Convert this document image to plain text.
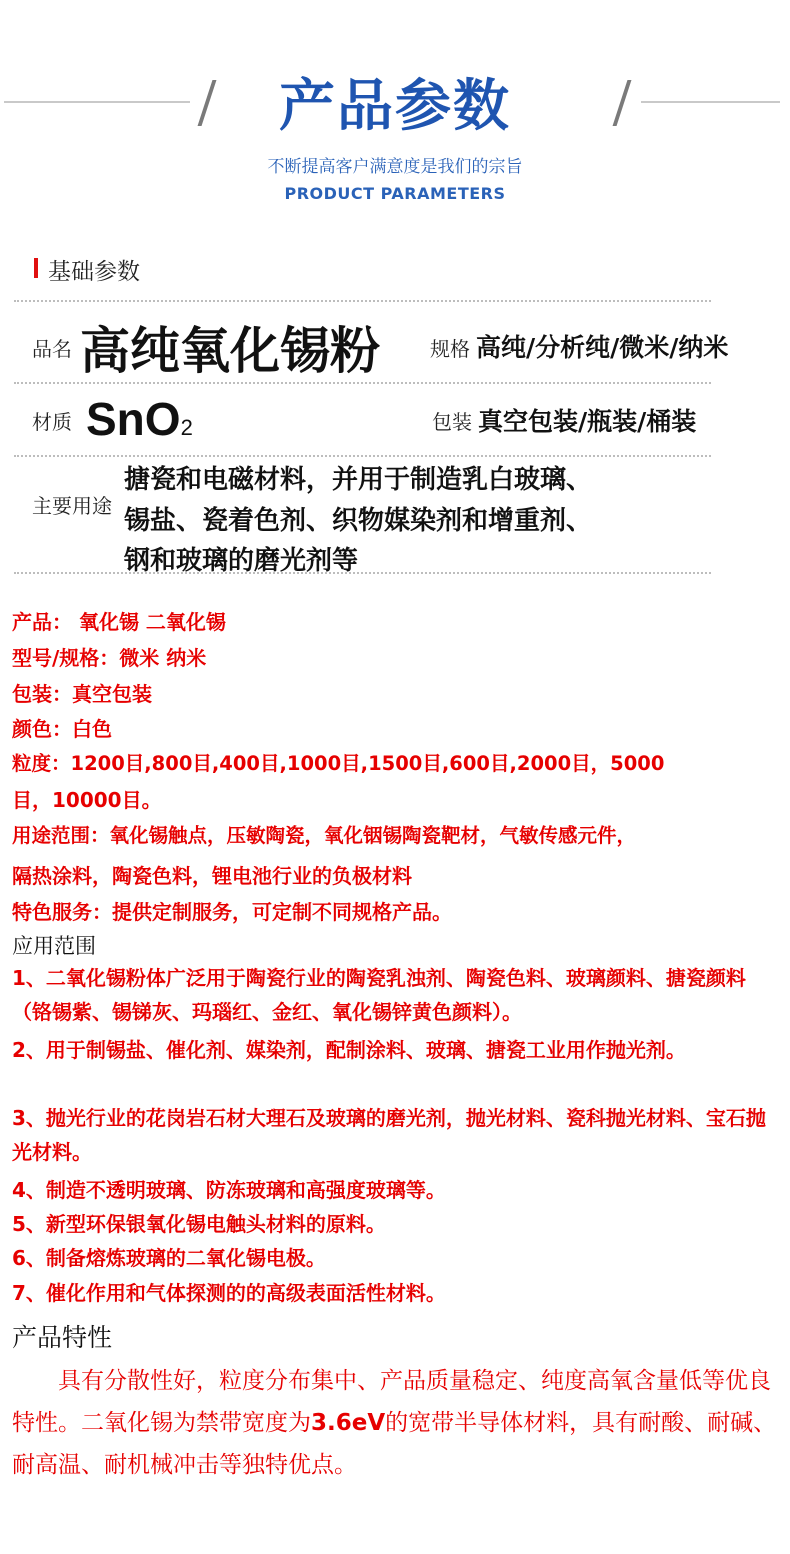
产品参数
不断提高客户满意度是我们的宗旨
PRODUCT PARAMETERS
基础参数
品名 高纯氧化锡粉	规格 高纯/分析纯/微米/纳米
材质 SnO2	包装 真空包装/瓶装/桶装
主要用途
搪瓷和电磁材料，并用于制造乳白玻璃、
锡盐、瓷着色剂、织物媒染剂和增重剂、
钢和玻璃的磨光剂等
产品： 氧化锡 二氧化锡
型号/规格：微米 纳米
包装：真空包装
颜色：白色
粒度：1200目,800目,400目,1000目,1500目,600目,2000目，5000
目，10000目。
用途范围：氧化锡触点，压敏陶瓷，氧化铟锡陶瓷靶材，气敏传感元件，
隔热涂料，陶瓷色料，锂电池行业的负极材料
特色服务：提供定制服务，可定制不同规格产品。
应用范围
1、二氧化锡粉体广泛用于陶瓷行业的陶瓷乳浊剂、陶瓷色料、玻璃颜料、搪瓷颜料（铬锡紫、锡锑灰、玛瑙红、金红、氧化锡锌黄色颜料）。
2、用于制锡盐、催化剂、媒染剂，配制涂料、玻璃、搪瓷工业用作抛光剂。
3、抛光行业的花岗岩石材大理石及玻璃的磨光剂，抛光材料、瓷科抛光材料、宝石抛光材料。
4、制造不透明玻璃、防冻玻璃和高强度玻璃等。
5、新型环保银氧化锡电触头材料的原料。
6、制备熔炼玻璃的二氧化锡电极。
7、催化作用和气体探测的的高级表面活性材料。
产品特性
具有分散性好，粒度分布集中、产品质量稳定、纯度高氧含量低等优良特性。二氧化锡为禁带宽度为3.6eV的宽带半导体材料，具有耐酸、耐碱、耐高温、耐机械冲击等独特优点。
